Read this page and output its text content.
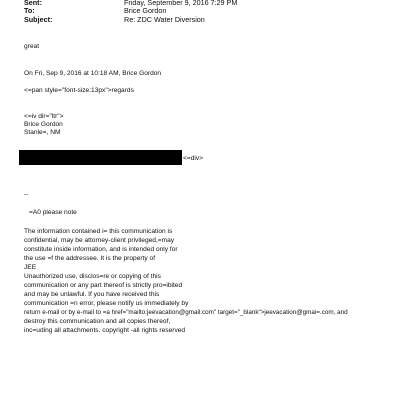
Sent:	Friday, September 9, 2016 7:29 PM
To:	Brice Gordon
Subject:	Re: ZDC Water Diversion
great
On Fri, Sep 9, 2016 at 10:18 AM, Brice Gordon
<=pan style="font-size:13px">regards
<=iv dir="ltr">
Brice Gordon
Stanle=, NM
<=div>
--
=A0 please note
The information contained i= this communication is
confidential, may be attorney-client privileged,=may
constitute inside information, and is intended only for
the use =f the addressee. It is the property of
JEE
Unauthorized use, disclos=re or copying of this
communication or any part thereof is strictly pro=ibited
and may be unlawful. If you have received this
communication =n error, please notify us immediately by
return e-mail or by e-mail to =a href="mailto:jeevacation@gmail.com" target="_blank">jeevacation@gmai=.com, and
destroy this communication and all copies thereof,
inc=uding all attachments. copyright -all rights reserved
